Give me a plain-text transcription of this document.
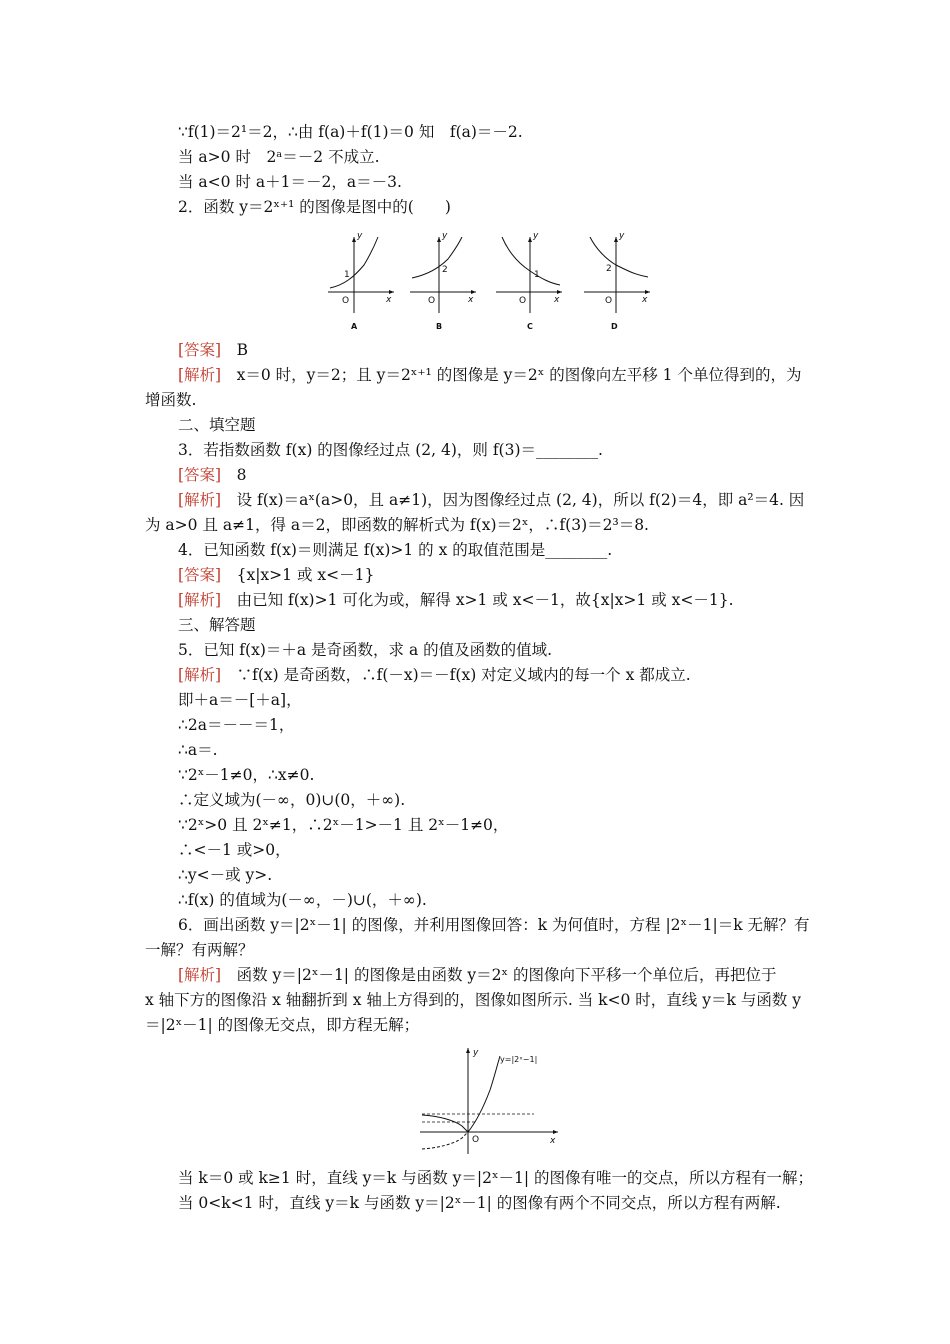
∵f(1)＝2¹＝2，∴由 f(a)＋f(1)＝0 知　f(a)＝－2.
当 a>0 时　2ᵃ＝－2 不成立.
当 a<0 时 a＋1＝－2，a＝－3.
2．函数 y＝2ˣ⁺¹ 的图像是图中的(　　)
y
x
O
1
A
y
x
O
2
B
y
x
O
1
C
y
x
O
2
D
[答案]  B
[解析]  x＝0 时，y＝2；且 y＝2ˣ⁺¹ 的图像是 y＝2ˣ 的图像向左平移 1 个单位得到的，为
增函数.
二、填空题
3．若指数函数 f(x) 的图像经过点 (2, 4)，则 f(3)＝________.
[答案]  8
[解析]  设 f(x)＝aˣ(a>0，且 a≠1)，因为图像经过点 (2, 4)，所以 f(2)＝4，即 a²＝4. 因
为 a>0 且 a≠1，得 a＝2，即函数的解析式为 f(x)＝2ˣ，∴f(3)＝2³＝8.
4．已知函数 f(x)＝则满足 f(x)>1 的 x 的取值范围是________.
[答案]  {x|x>1 或 x<－1}
[解析]  由已知 f(x)>1 可化为或，解得 x>1 或 x<－1，故{x|x>1 或 x<－1}.
三、解答题
5．已知 f(x)＝＋a 是奇函数，求 a 的值及函数的值域.
[解析]  ∵f(x) 是奇函数，∴f(－x)＝－f(x) 对定义域内的每一个 x 都成立.
即＋a＝－[＋a]，
∴2a＝－－＝1，
∴a＝.
∵2ˣ－1≠0，∴x≠0.
∴定义域为(－∞，0)∪(0，＋∞).
∵2ˣ>0 且 2ˣ≠1，∴2ˣ－1>－1 且 2ˣ－1≠0，
∴<－1 或>0，
∴y<－或 y>.
∴f(x) 的值域为(－∞，－)∪(，＋∞).
6．画出函数 y＝|2ˣ－1| 的图像，并利用图像回答：k 为何值时，方程 |2ˣ－1|＝k 无解？有
一解？有两解？
[解析]  函数 y＝|2ˣ－1| 的图像是由函数 y＝2ˣ 的图像向下平移一个单位后，再把位于
x 轴下方的图像沿 x 轴翻折到 x 轴上方得到的，图像如图所示. 当 k<0 时，直线 y＝k 与函数 y
＝|2ˣ－1| 的图像无交点，即方程无解；
y
x
O
y=|2ˣ−1|
当 k＝0 或 k≥1 时，直线 y＝k 与函数 y＝|2ˣ－1| 的图像有唯一的交点，所以方程有一解；
当 0<k<1 时，直线 y＝k 与函数 y＝|2ˣ－1| 的图像有两个不同交点，所以方程有两解.
